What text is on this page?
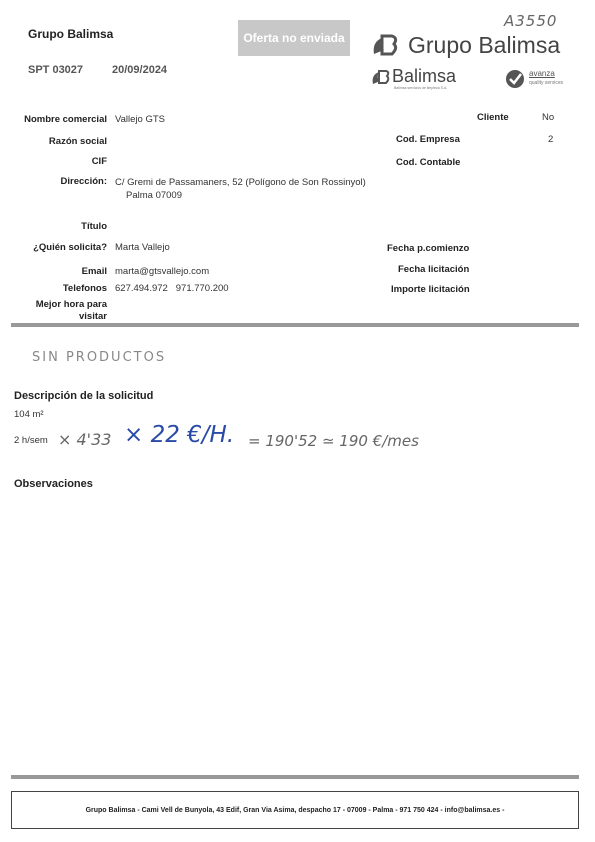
Grupo Balimsa
SPT 03027	20/09/2024
Oferta no enviada
A3550
Grupo Balimsa
Balimsa
Balimsa servicios de limpieza S.A.
avanza
quality services
Nombre comercial Vallejo GTS
Razón social
CIF
Dirección: C/ Gremi de Passamaners, 52 (Polígono de Son Rossinyol)
Palma 07009
Título
¿Quién solicita? Marta Vallejo
Email marta@gtsvallejo.com
Telefonos 627.494.972   971.770.200
Mejor hora para
visitar
Cliente	No
Cod. Empresa	2
Cod. Contable
Fecha p.comienzo
Fecha licitación
Importe licitación
SIN PRODUCTOS
Descripción de la solicitud
104 m²
2 h/sem × 4'33 × 22 €/H. = 190'52 ≃ 190 €/mes
Observaciones
Grupo Balimsa - Cami Vell de Bunyola, 43 Edif, Gran Via Asima, despacho 17 - 07009 - Palma - 971 750 424 - info@balimsa.es -
